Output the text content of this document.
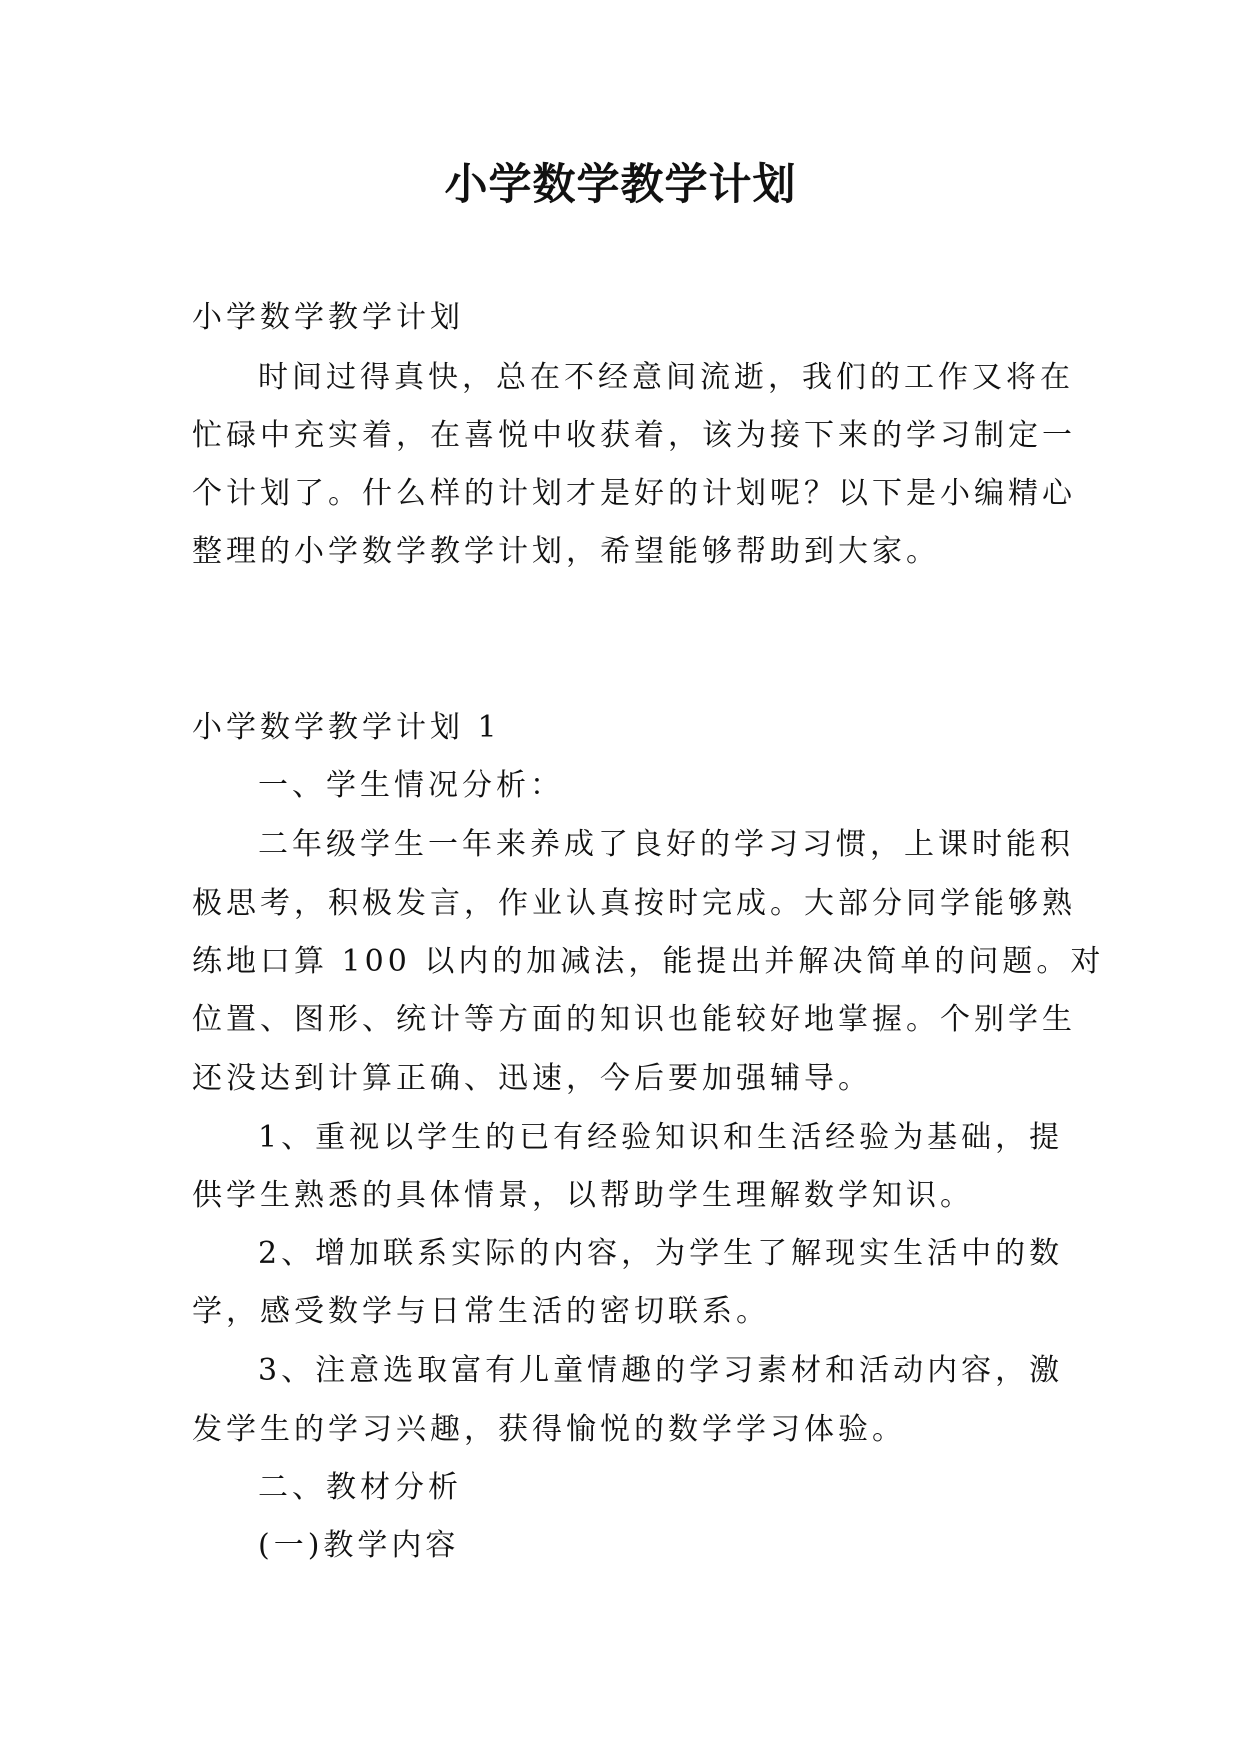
小学数学教学计划
小学数学教学计划
时间过得真快，总在不经意间流逝，我们的工作又将在
忙碌中充实着，在喜悦中收获着，该为接下来的学习制定一
个计划了。什么样的计划才是好的计划呢？以下是小编精心
整理的小学数学教学计划，希望能够帮助到大家。
小学数学教学计划 1
一、学生情况分析：
二年级学生一年来养成了良好的学习习惯，上课时能积
极思考，积极发言，作业认真按时完成。大部分同学能够熟
练地口算 100 以内的加减法，能提出并解决简单的问题。对
位置、图形、统计等方面的知识也能较好地掌握。个别学生
还没达到计算正确、迅速，今后要加强辅导。
1、重视以学生的已有经验知识和生活经验为基础，提
供学生熟悉的具体情景，以帮助学生理解数学知识。
2、增加联系实际的内容，为学生了解现实生活中的数
学，感受数学与日常生活的密切联系。
3、注意选取富有儿童情趣的学习素材和活动内容，激
发学生的学习兴趣，获得愉悦的数学学习体验。
二、教材分析
(一)教学内容
